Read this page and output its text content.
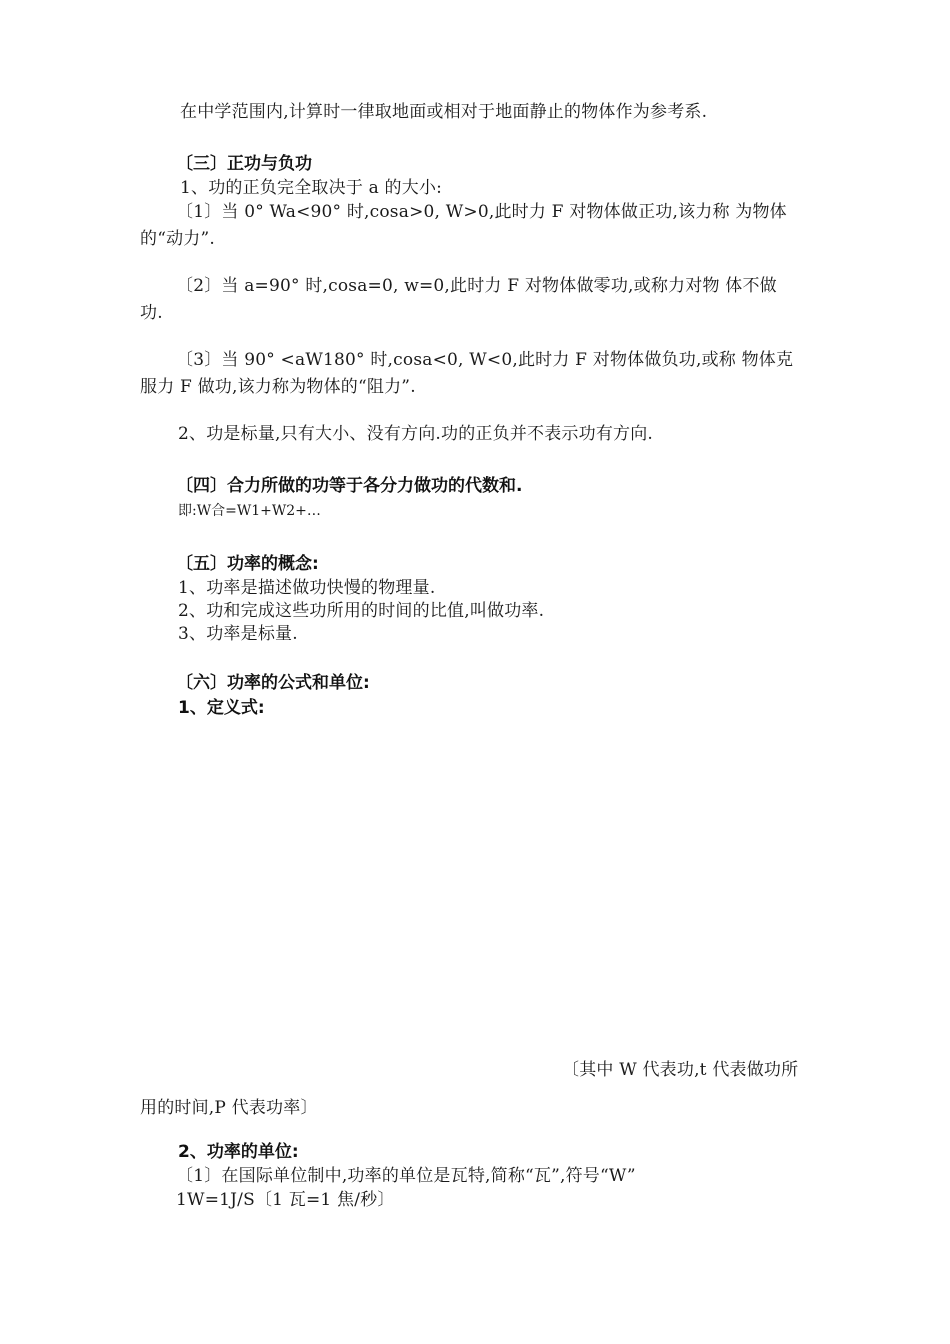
在中学范围内,计算时一律取地面或相对于地面静止的物体作为参考系.
〔三〕正功与负功
1、功的正负完全取决于 a 的大小:
〔1〕当 0° Wa<90° 时,cosa>0, W>0,此时力 F 对物体做正功,该力称 为物体
的“动力”.
〔2〕当 a=90° 时,cosa=0, w=0,此时力 F 对物体做零功,或称力对物 体不做
功.
〔3〕当 90° <aW180° 时,cosa<0, W<0,此时力 F 对物体做负功,或称 物体克
服力 F 做功,该力称为物体的“阻力”.
2、功是标量,只有大小、没有方向.功的正负并不表示功有方向.
〔四〕合力所做的功等于各分力做功的代数和.
即:W合=W1+W2+…
〔五〕功率的概念:
1、功率是描述做功快慢的物理量.
2、功和完成这些功所用的时间的比值,叫做功率.
3、功率是标量.
〔六〕功率的公式和单位:
1、定义式:
〔其中 W 代表功,t 代表做功所
用的时间,P 代表功率〕
2、功率的单位:
〔1〕在国际单位制中,功率的单位是瓦特,简称“瓦”,符号“W”
1W=1J/S〔1 瓦=1 焦/秒〕
